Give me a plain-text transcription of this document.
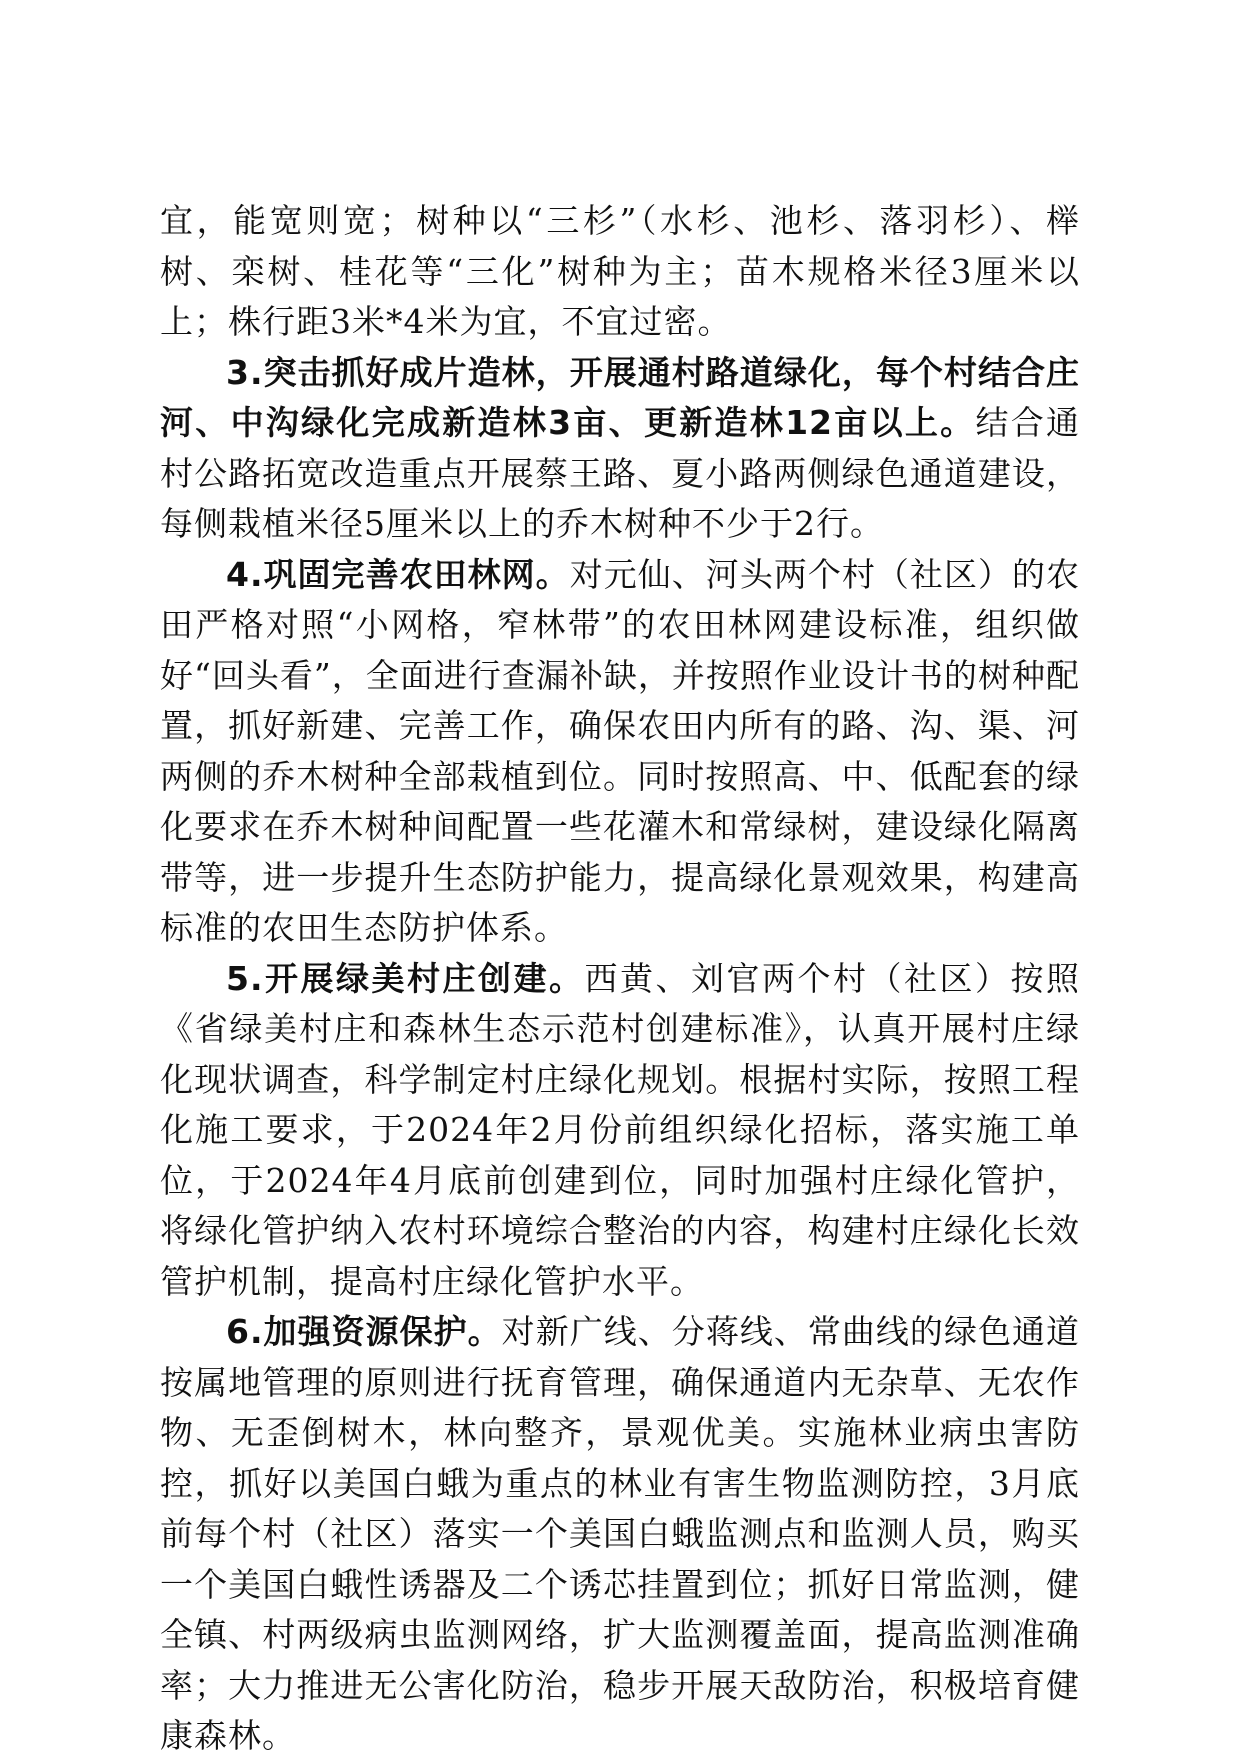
宜，能宽则宽；树种以“三杉”（水杉、池杉、落羽杉）、榉树、栾树、桂花等“三化”树种为主；苗木规格米径3厘米以上；株行距3米*4米为宜，不宜过密。

3.突击抓好成片造林，开展通村路道绿化，每个村结合庄河、中沟绿化完成新造林3亩、更新造林12亩以上。结合通村公路拓宽改造重点开展蔡王路、夏小路两侧绿色通道建设，每侧栽植米径5厘米以上的乔木树种不少于2行。

4.巩固完善农田林网。对元仙、河头两个村（社区）的农田严格对照“小网格，窄林带”的农田林网建设标准，组织做好“回头看”，全面进行查漏补缺，并按照作业设计书的树种配置，抓好新建、完善工作，确保农田内所有的路、沟、渠、河两侧的乔木树种全部栽植到位。同时按照高、中、低配套的绿化要求在乔木树种间配置一些花灌木和常绿树，建设绿化隔离带等，进一步提升生态防护能力，提高绿化景观效果，构建高标准的农田生态防护体系。

5.开展绿美村庄创建。西黄、刘官两个村（社区）按照《省绿美村庄和森林生态示范村创建标准》，认真开展村庄绿化现状调查，科学制定村庄绿化规划。根据村实际，按照工程化施工要求，于2024年2月份前组织绿化招标，落实施工单位，于2024年4月底前创建到位，同时加强村庄绿化管护，将绿化管护纳入农村环境综合整治的内容，构建村庄绿化长效管护机制，提高村庄绿化管护水平。

6.加强资源保护。对新广线、分蒋线、常曲线的绿色通道按属地管理的原则进行抚育管理，确保通道内无杂草、无农作物、无歪倒树木，林向整齐，景观优美。实施林业病虫害防控，抓好以美国白蛾为重点的林业有害生物监测防控，3月底前每个村（社区）落实一个美国白蛾监测点和监测人员，购买一个美国白蛾性诱器及二个诱芯挂置到位；抓好日常监测，健全镇、村两级病虫监测网络，扩大监测覆盖面，提高监测准确率；大力推进无公害化防治，稳步开展天敌防治，积极培育健康森林。
